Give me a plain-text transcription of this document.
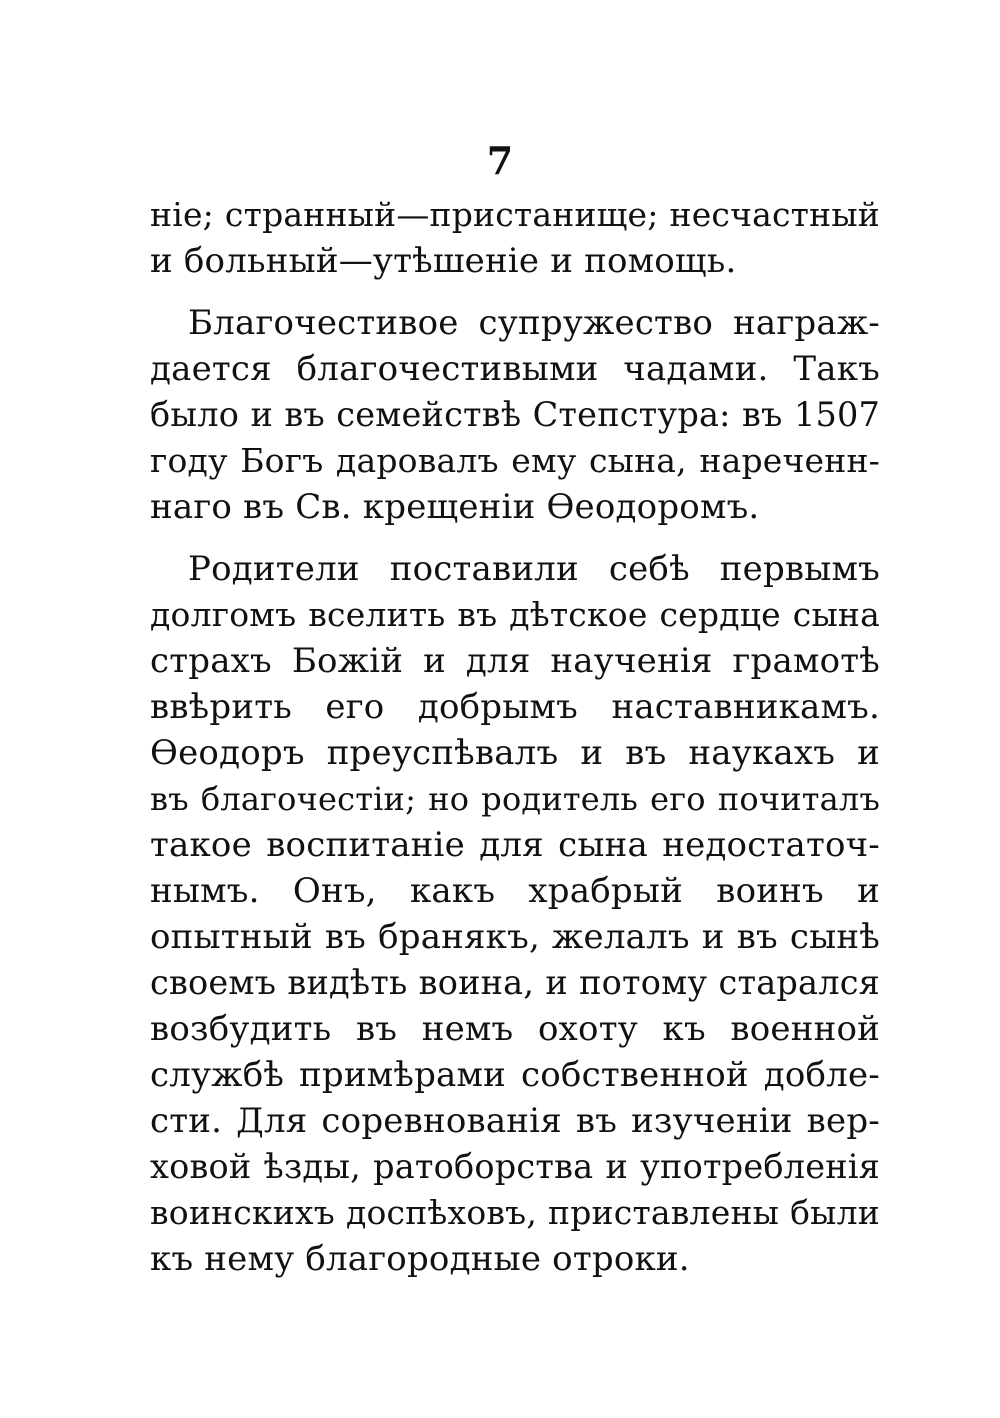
7
ніе; странный—пристанище; несчастный
и больный—утѣшеніе и помощь.
Благочестивое супружество награж-
дается благочестивыми чадами. Такъ
было и въ семействѣ Степстура: въ 1507
году Богъ даровалъ ему сына, нареченн-
наго въ Св. крещеніи Ѳеодоромъ.
Родители поставили себѣ первымъ
долгомъ вселить въ дѣтское сердце сына
страхъ Божій и для наученія грамотѣ
ввѣрить его добрымъ наставникамъ.
Ѳеодоръ преуспѣвалъ и въ наукахъ и
въ благочестіи; но родитель его почиталъ
такое воспитаніе для сына недостаточ-
нымъ. Онъ, какъ храбрый воинъ и
опытный въ бранякъ, желалъ и въ сынѣ
своемъ видѣть воина, и потому старался
возбудить въ немъ охоту къ военной
службѣ примѣрами собственной добле-
сти. Для соревнованія въ изученіи вер-
ховой ѣзды, ратоборства и употребленія
воинскихъ доспѣховъ, приставлены были
къ нему благородные отроки.
